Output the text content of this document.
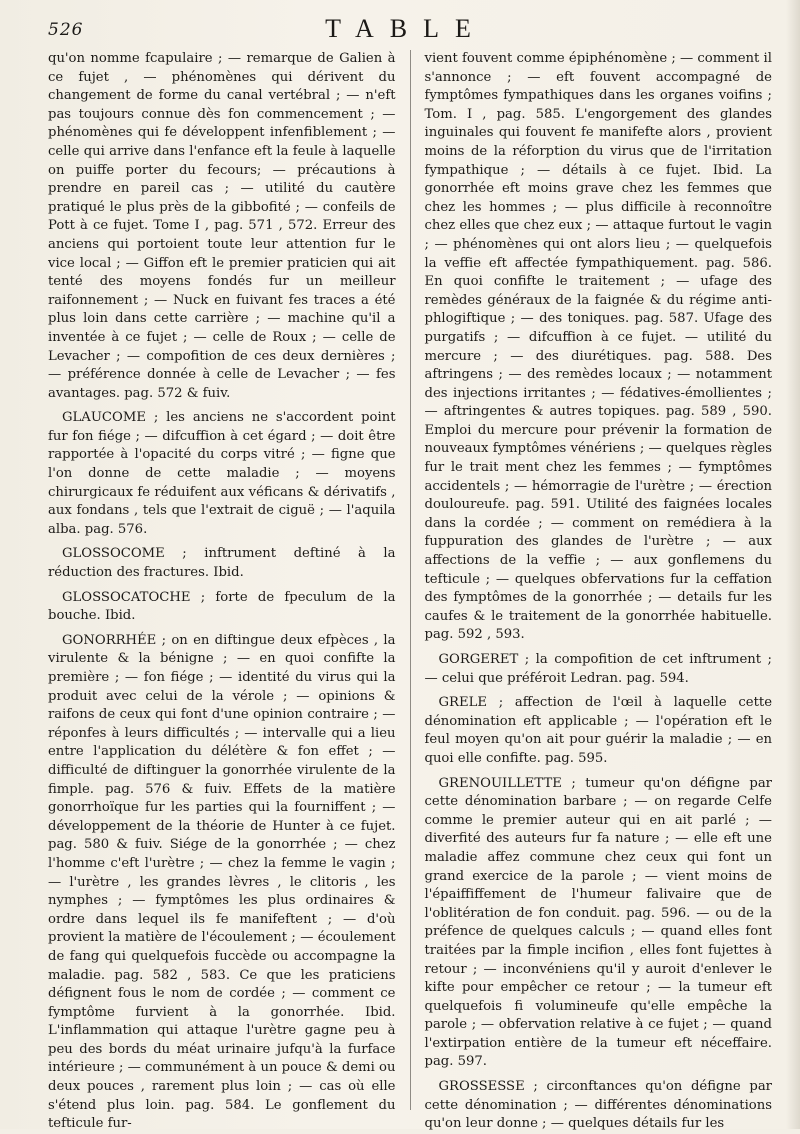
526	TABLE

qu'on nomme fcapulaire ; — remarque de Galien à ce fujet , — phénomènes qui dérivent du changement de forme du canal vertébral ; — n'eft pas toujours connue dès fon commencement ; — phénomènes qui fe développent infenfiblement ; — celle qui arrive dans l'enfance eft la feule à laquelle on puiffe porter du fecours; — précautions à prendre en pareil cas ; — utilité du cautère pratiqué le plus près de la gibbofité ; — confeils de Pott à ce fujet. Tome I , pag. 571 , 572. Erreur des anciens qui portoient toute leur attention fur le vice local ; — Giffon eft le premier praticien qui ait tenté des moyens fondés fur un meilleur raifonnement ; — Nuck en fuivant fes traces a été plus loin dans cette carrière ; — machine qu'il a inventée à ce fujet ; — celle de Roux ; — celle de Levacher ; — compofition de ces deux dernières ; — préférence donnée à celle de Levacher ; — fes avantages. pag. 572 & fuiv.

GLAUCOME ; les anciens ne s'accordent point fur fon fiége ; — difcuffion à cet égard ; — doit être rapportée à l'opacité du corps vitré ; — figne que l'on donne de cette maladie ; — moyens chirurgicaux fe réduifent aux véficans & dérivatifs , aux fondans , tels que l'extrait de ciguë ; — l'aquila alba. pag. 576.

GLOSSOCOME ; inftrument deftiné à la réduction des fractures. Ibid.

GLOSSOCATOCHE ; forte de fpeculum de la bouche. Ibid.

GONORRHÉE ; on en diftingue deux efpèces , la virulente & la bénigne ; — en quoi confifte la première ; — fon fiége ; — identité du virus qui la produit avec celui de la vérole ; — opinions & raifons de ceux qui font d'une opinion contraire ; — réponfes à leurs difficultés ; — intervalle qui a lieu entre l'application du délétère & fon effet ; — difficulté de diftinguer la gonorrhée virulente de la fimple. pag. 576 & fuiv. Effets de la matière gonorrhoïque fur les parties qui la fourniffent ; — développement de la théorie de Hunter à ce fujet. pag. 580 & fuiv. Siége de la gonorrhée ; — chez l'homme c'eft l'urètre ; — chez la femme le vagin ; — l'urètre , les grandes lèvres , le clitoris , les nymphes ; — fymptômes les plus ordinaires & ordre dans lequel ils fe manifeftent ; — d'où provient la matière de l'écoulement ; — écoulement de fang qui quelquefois fuccède ou accompagne la maladie. pag. 582 , 583. Ce que les praticiens défignent fous le nom de cordée ; — comment ce fymptôme furvient à la gonorrhée. Ibid. L'inflammation qui attaque l'urètre gagne peu à peu des bords du méat urinaire jufqu'à la furface intérieure ; — communément à un pouce & demi ou deux pouces , rarement plus loin ; — cas où elle s'étend plus loin. pag. 584. Le gonflement du tefticule fur-

vient fouvent comme épiphénomène ; — comment il s'annonce ; — eft fouvent accompagné de fymptômes fympathiques dans les organes voifins ; Tom. I , pag. 585. L'engorgement des glandes inguinales qui fouvent fe manifefte alors , provient moins de la réforption du virus que de l'irritation fympathique ; — détails à ce fujet. Ibid. La gonorrhée eft moins grave chez les femmes que chez les hommes ; — plus difficile à reconnoître chez elles que chez eux ; — attaque furtout le vagin ; — phénomènes qui ont alors lieu ; — quelquefois la veffie eft affectée fympathiquement. pag. 586. En quoi confifte le traitement ; — ufage des remèdes généraux de la faignée & du régime anti-phlogiftique ; — des toniques. pag. 587. Ufage des purgatifs ; — difcuffion à ce fujet. — utilité du mercure ; — des diurétiques. pag. 588. Des aftringens ; — des remèdes locaux ; — notamment des injections irritantes ; — fédatives-émollientes ; — aftringentes & autres topiques. pag. 589 , 590. Emploi du mercure pour prévenir la formation de nouveaux fymptômes vénériens ; — quelques règles fur le trait ment chez les femmes ; — fymptômes accidentels ; — hémorragie de l'urètre ; — érection douloureufe. pag. 591. Utilité des faignées locales dans la cordée ; — comment on remédiera à la fuppuration des glandes de l'urètre ; — aux affections de la veffie ; — aux gonflemens du tefticule ; — quelques obfervations fur la ceffation des fymptômes de la gonorrhée ; — details fur les caufes & le traitement de la gonorrhée habituelle. pag. 592 , 593.

GORGERET ; la compofition de cet inftrument ; — celui que préféroit Ledran. pag. 594.

GRELE ; affection de l'œil à laquelle cette dénomination eft applicable ; — l'opération eft le feul moyen qu'on ait pour guérir la maladie ; — en quoi elle confifte. pag. 595.

GRENOUILLETTE ; tumeur qu'on défigne par cette dénomination barbare ; — on regarde Celfe comme le premier auteur qui en ait parlé ; — diverfité des auteurs fur fa nature ; — elle eft une maladie affez commune chez ceux qui font un grand exercice de la parole ; — vient moins de l'épaiffiffement de l'humeur falivaire que de l'oblitération de fon conduit. pag. 596. — ou de la préfence de quelques calculs ; — quand elles font traitées par la fimple incifion , elles font fujettes à retour ; — inconvéniens qu'il y auroit d'enlever le kifte pour empêcher ce retour ; — la tumeur eft quelquefois fi volumineufe qu'elle empêche la parole ; — obfervation relative à ce fujet ; — quand l'extirpation entière de la tumeur eft néceffaire. pag. 597.

GROSSESSE ; circonftances qu'on défigne par cette dénomination ; — différentes dénominations qu'on leur donne ; — quelques détails fur les
